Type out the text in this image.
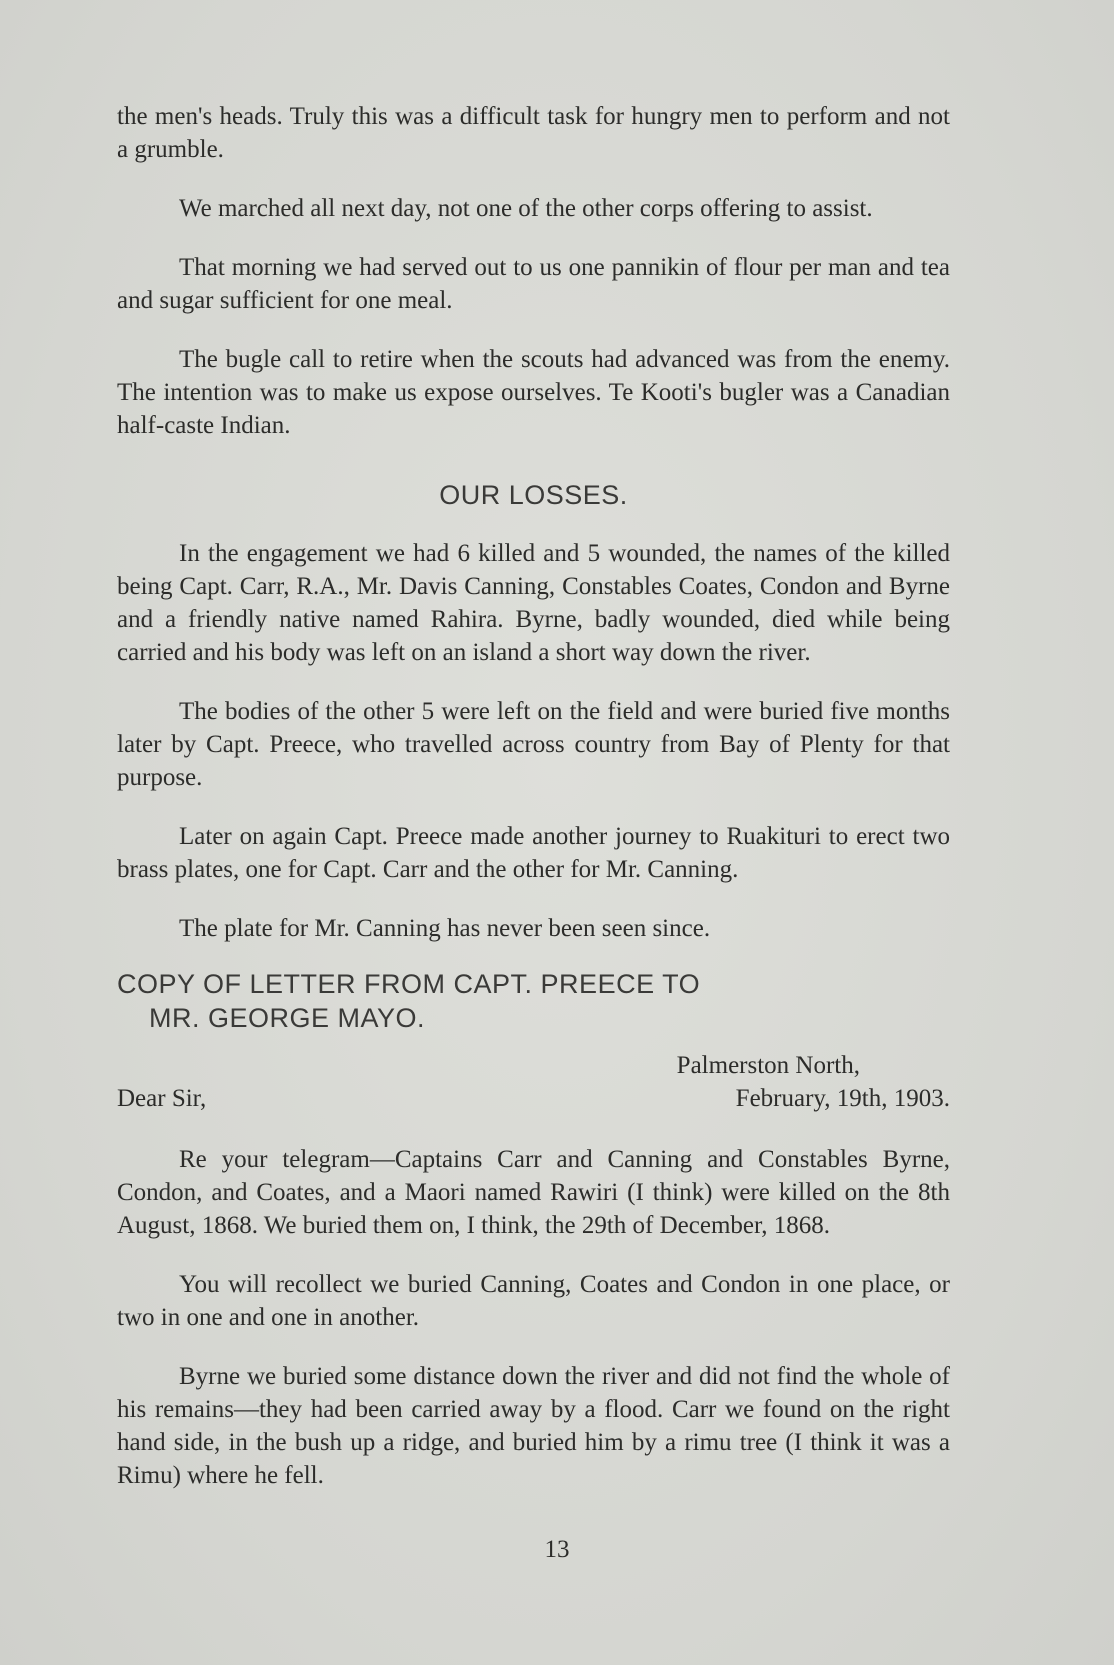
the men's heads. Truly this was a difficult task for hungry men to perform and not a grumble.

We marched all next day, not one of the other corps offering to assist.

That morning we had served out to us one pannikin of flour per man and tea and sugar sufficient for one meal.

The bugle call to retire when the scouts had advanced was from the enemy. The intention was to make us expose ourselves. Te Kooti's bugler was a Canadian half-caste Indian.

OUR LOSSES.

In the engagement we had 6 killed and 5 wounded, the names of the killed being Capt. Carr, R.A., Mr. Davis Canning, Constables Coates, Condon and Byrne and a friendly native named Rahira. Byrne, badly wounded, died while being carried and his body was left on an island a short way down the river.

The bodies of the other 5 were left on the field and were buried five months later by Capt. Preece, who travelled across country from Bay of Plenty for that purpose.

Later on again Capt. Preece made another journey to Ruakituri to erect two brass plates, one for Capt. Carr and the other for Mr. Canning.

The plate for Mr. Canning has never been seen since.

COPY OF LETTER FROM CAPT. PREECE TO
MR. GEORGE MAYO.
Palmerston North,
Dear Sir,	February, 19th, 1903.

Re your telegram—Captains Carr and Canning and Constables Byrne, Condon, and Coates, and a Maori named Rawiri (I think) were killed on the 8th August, 1868. We buried them on, I think, the 29th of December, 1868.

You will recollect we buried Canning, Coates and Condon in one place, or two in one and one in another.

Byrne we buried some distance down the river and did not find the whole of his remains—they had been carried away by a flood. Carr we found on the right hand side, in the bush up a ridge, and buried him by a rimu tree (I think it was a Rimu) where he fell.

13
